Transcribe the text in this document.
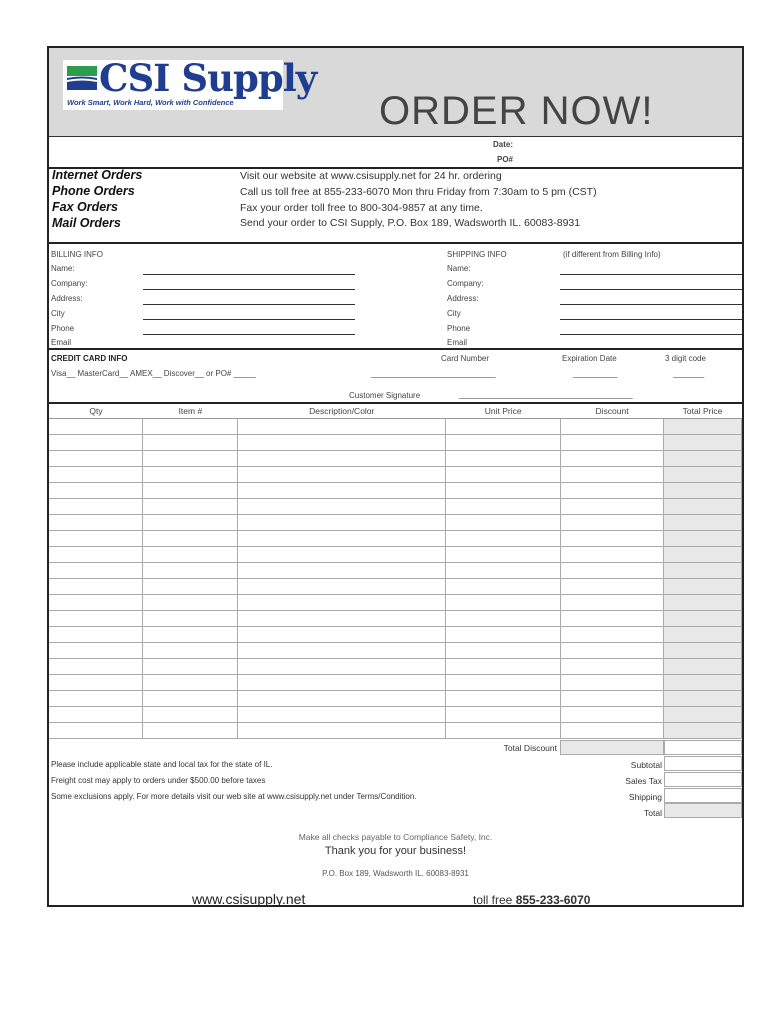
CSI Supply
Work Smart, Work Hard, Work with Confidence	ORDER NOW!
Date:
PO#
Internet Orders	Visit our website at www.csisupply.net for 24 hr. ordering
Phone Orders	Call us toll free at 855-233-6070 Mon thru Friday from 7:30am to 5 pm (CST)
Fax Orders	Fax your order toll free to 800-304-9857 at any time.
Mail Orders	Send your order to CSI Supply, P.O. Box 189, Wadsworth IL. 60083-8931
BILLING INFO
Name:
Company:
Address:
City
Phone
Email
SHIPPING INFO	(if different from Billing Info)
Name:
Company:
Address:
City
Phone
Email
CREDIT CARD INFO
Visa__ MasterCard__ AMEX__ Discover__ or PO# _____
Card Number
____________________________
Expiration Date
__________
3 digit code
_______
Customer Signature	_______________________________________
Qty	Item #	Description/Color	Unit Price	Discount	Total Price

Total Discount
Please include applicable state and local tax for the state of IL.
Freight cost may apply to orders under $500.00 before taxes
Some exclusions apply. For more details visit our web site at www.csisupply.net under Terms/Condition.
Subtotal
Sales Tax
Shipping
Total
Make all checks payable to Compliance Safety, Inc.
Thank you for your business!
P.O. Box 189, Wadsworth IL. 60083-8931
www.csisupply.net	toll free 855-233-6070
